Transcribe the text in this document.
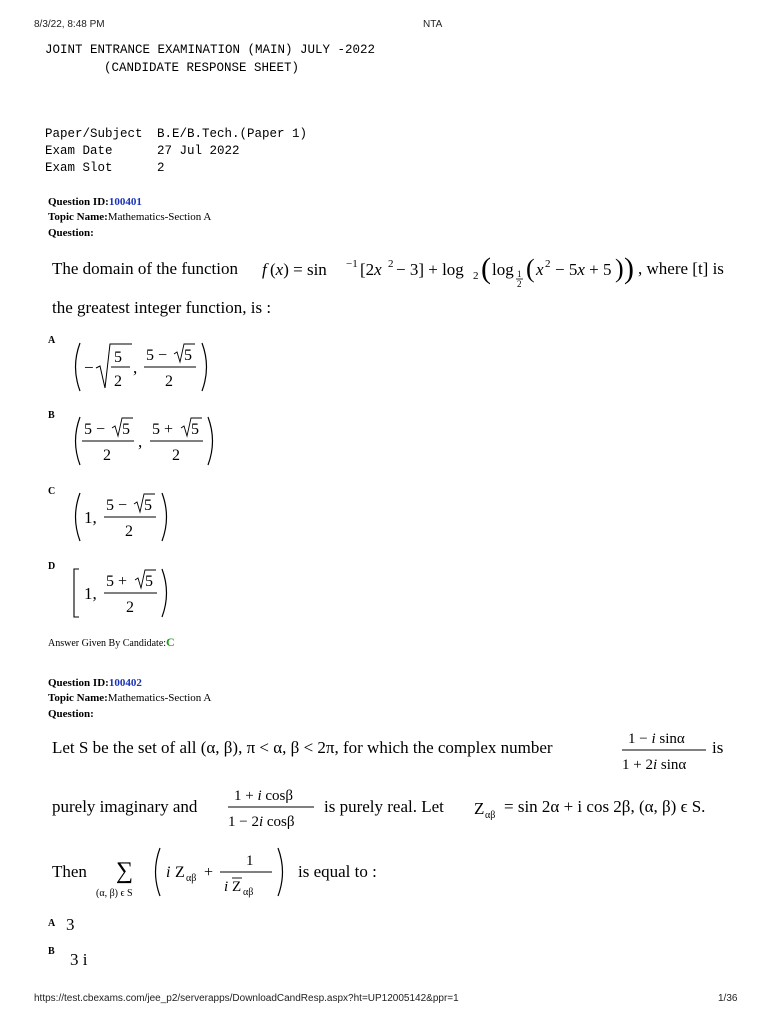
8/3/22, 8:48 PM	NTA
JOINT ENTRANCE EXAMINATION (MAIN) JULY -2022
(CANDIDATE RESPONSE SHEET)
Paper/Subject B.E/B.Tech.(Paper 1)
Exam Date	27 Jul 2022
Exam Slot	2
Question ID:100401
Topic Name:Mathematics-Section A
Question:
The domain of the function f (x) = sin −1 [2x 2 − 3] + log 2 ( log 1
2
( x 2 − 5x + 5 ) ) , where [t] is
the greatest integer function, is :
A
−
5
2
,
5 − 5
2
B
5 − 5
2
,
5 + 5
2
C
1,
5 − 5
2
D
1,
5 + 5
2
Answer Given By Candidate:C
Question ID:100402
Topic Name:Mathematics-Section A
Question:
Let S be the set of all (α, β), π < α, β < 2π, for which the complex number	1 − i sinα
1 + 2i sinα
is
purely imaginary and
1 + i cosβ
1 − 2i cosβ
is purely real. Let Z αβ = sin 2α + i cos 2β, (α, β) ϵ S.
Then ∑
(α, β) ϵ S
i Z αβ +
1
i Z αβ
is equal to :
A 3
B 3 i
https://test.cbexams.com/jee_p2/serverapps/DownloadCandResp.aspx?ht=UP12005142&ppr=1	1/36
